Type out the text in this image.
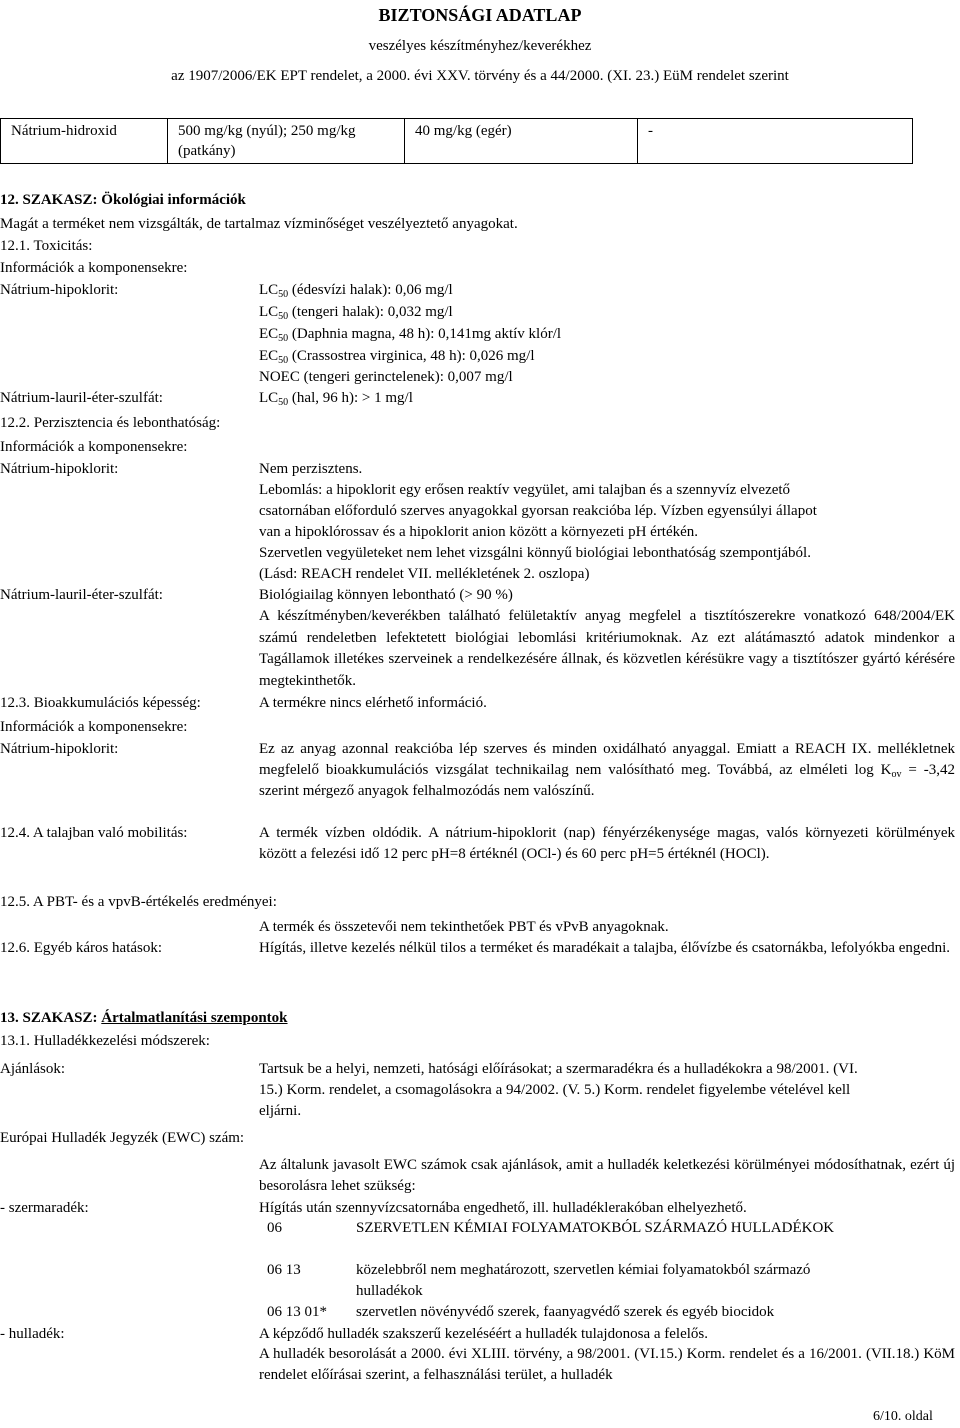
BIZTONSÁGI ADATLAP
veszélyes készítményhez/keverékhez
az 1907/2006/EK EPT rendelet, a 2000. évi XXV. törvény és a 44/2000. (XI. 23.) EüM rendelet szerint
Nátrium-hidroxid	500 mg/kg (nyúl); 250 mg/kg (patkány)	40 mg/kg (egér)	-
12. SZAKASZ: Ökológiai információk
Magát a terméket nem vizsgálták, de tartalmaz vízminőséget veszélyeztető anyagokat.
12.1. Toxicitás:
Információk a komponensekre:
Nátrium-hipoklorit:	$LC_{50}$ (édesvízi halak): 0,06 mg/l
$LC_{50}$ (tengeri halak): 0,032 mg/l
$EC_{50}$ (Daphnia magna, 48 h): 0,141mg aktív klór/l
$EC_{50}$ (Crassostrea virginica, 48 h): 0,026 mg/l
NOEC (tengeri gerinctelenek): 0,007 mg/l
Nátrium-lauril-éter-szulfát:	$LC_{50}$ (hal, 96 h): > 1 mg/l
12.2. Perzisztencia és lebonthatóság:
Információk a komponensekre:
Nátrium-hipoklorit:	Nem perzisztens.
Lebomlás: a hipoklorit egy erősen reaktív vegyület, ami talajban és a szennyvíz elvezető
csatornában előforduló szerves anyagokkal gyorsan reakcióba lép. Vízben egyensúlyi állapot
van a hipoklórossav és a hipoklorit anion között a környezeti pH értékén.
Szervetlen vegyületeket nem lehet vizsgálni könnyű biológiai lebonthatóság szempontjából.
(Lásd: REACH rendelet VII. mellékletének 2. oszlopa)
Nátrium-lauril-éter-szulfát:	Biológiailag könnyen lebontható (> 90 %)
A készítményben/keverékben található felületaktív anyag megfelel a tisztítószerekre vonatkozó 648/2004/EK számú rendeletben lefektetett biológiai lebomlási kritériumoknak. Az ezt alátámasztó adatok mindenkor a Tagállamok illetékes szerveinek a rendelkezésére állnak, és közvetlen kérésükre vagy a tisztítószer gyártó kérésére megtekinthetők.
12.3. Bioakkumulációs képesség:	A termékre nincs elérhető információ.
Információk a komponensekre:
Nátrium-hipoklorit:	Ez az anyag azonnal reakcióba lép szerves és minden oxidálható anyaggal. Emiatt a REACH IX. mellékletnek megfelelő bioakkumulációs vizsgálat technikailag nem valósítható meg. Továbbá, az elméleti $\log K_{ov} = -3,42$ szerint mérgező anyagok felhalmozódás nem valószínű.
12.4. A talajban való mobilitás:	A termék vízben oldódik. A nátrium-hipoklorit (nap) fényérzékenysége magas, valós környezeti körülmények között a felezési idő 12 perc pH=8 értéknél (OCl-) és 60 perc pH=5 értéknél (HOCl).
12.5. A PBT- és a vpvB-értékelés eredményei:
A termék és összetevői nem tekinthetőek PBT és vPvB anyagoknak.
12.6. Egyéb káros hatások:	Hígítás, illetve kezelés nélkül tilos a terméket és maradékait a talajba, élővízbe és csatornákba, lefolyókba engedni.
13. SZAKASZ: Ártalmatlanítási szempontok
13.1. Hulladékkezelési módszerek:
Ajánlások:	Tartsuk be a helyi, nemzeti, hatósági előírásokat; a szermaradékra és a hulladékokra a 98/2001. (VI. 15.) Korm. rendelet, a csomagolásokra a 94/2002. (V. 5.) Korm. rendelet figyelembe vételével kell eljárni.
Európai Hulladék Jegyzék (EWC) szám:
Az általunk javasolt EWC számok csak ajánlások, amit a hulladék keletkezési körülményei módosíthatnak, ezért új besorolásra lehet szükség:
- szermaradék:	Hígítás után szennyvízcsatornába engedhető, ill. hulladéklerakóban elhelyezhető.
06	SZERVETLEN KÉMIAI FOLYAMATOKBÓL SZÁRMAZÓ HULLADÉKOK
06 13	közelebbről nem meghatározott, szervetlen kémiai folyamatokból származó hulladékok
06 13 01* szervetlen növényvédő szerek, faanyagvédő szerek és egyéb biocidok
- hulladék:	A képződő hulladék szakszerű kezeléséért a hulladék tulajdonosa a felelős.
A hulladék besorolását a 2000. évi XLIII. törvény, a 98/2001. (VI.15.) Korm. rendelet és a 16/2001. (VII.18.) KöM rendelet előírásai szerint, a felhasználási terület, a hulladék
6/10. oldal
